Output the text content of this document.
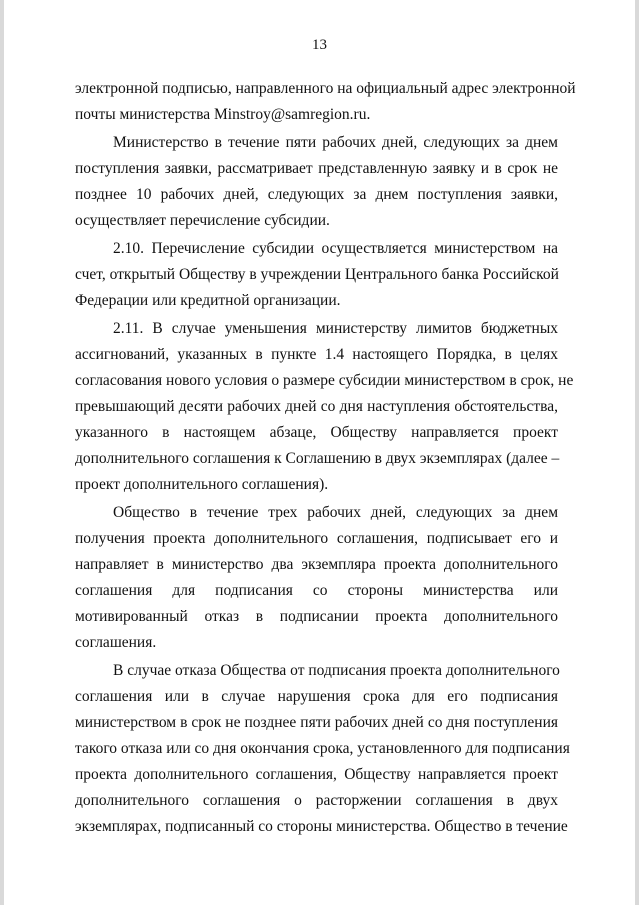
13
электронной подписью, направленного на официальный адрес электронной
почты министерства Minstroy@samregion.ru.
Министерство в течение пяти рабочих дней, следующих за днем
поступления заявки, рассматривает представленную заявку и в срок не
позднее 10 рабочих дней, следующих за днем поступления заявки,
осуществляет перечисление субсидии.
2.10. Перечисление субсидии осуществляется министерством на
счет, открытый Обществу в учреждении Центрального банка Российской
Федерации или кредитной организации.
2.11. В случае уменьшения министерству лимитов бюджетных
ассигнований, указанных в пункте 1.4 настоящего Порядка, в целях
согласования нового условия о размере субсидии министерством в срок, не
превышающий десяти рабочих дней со дня наступления обстоятельства,
указанного в настоящем абзаце, Обществу направляется проект
дополнительного соглашения к Соглашению в двух экземплярах (далее –
проект дополнительного соглашения).
Общество в течение трех рабочих дней, следующих за днем
получения проекта дополнительного соглашения, подписывает его и
направляет в министерство два экземпляра проекта дополнительного
соглашения для подписания со стороны министерства или
мотивированный отказ в подписании проекта дополнительного
соглашения.
В случае отказа Общества от подписания проекта дополнительного
соглашения или в случае нарушения срока для его подписания
министерством в срок не позднее пяти рабочих дней со дня поступления
такого отказа или со дня окончания срока, установленного для подписания
проекта дополнительного соглашения, Обществу направляется проект
дополнительного соглашения о расторжении соглашения в двух
экземплярах, подписанный со стороны министерства. Общество в течение
